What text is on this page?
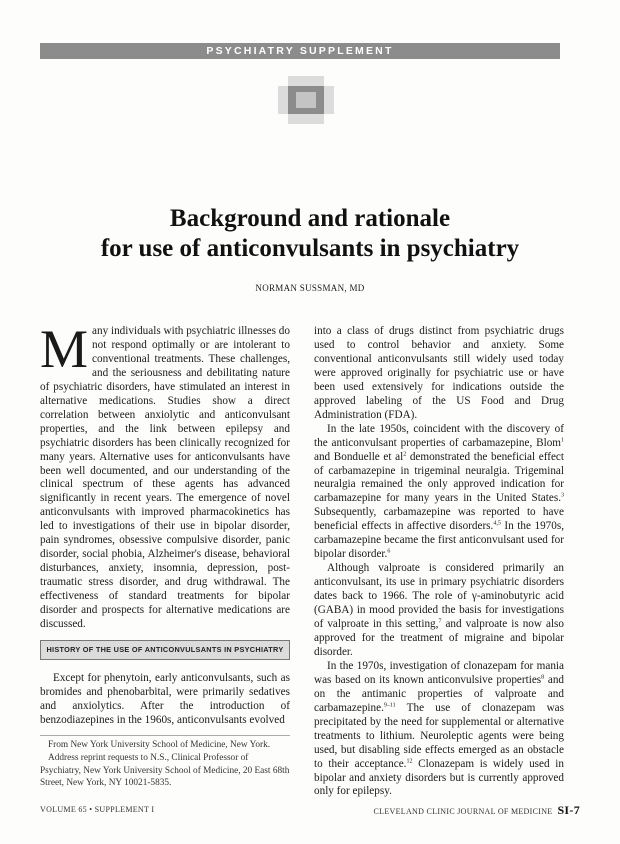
PSYCHIATRY SUPPLEMENT
Background and rationale
for use of anticonvulsants in psychiatry
NORMAN SUSSMAN, MD

Many individuals with psychiatric illnesses do not respond optimally or are intolerant to conventional treatments. These challenges, and the seriousness and debilitating nature of psychiatric disorders, have stimulated an interest in alternative medications. Studies show a direct correlation between anxiolytic and anticonvulsant properties, and the link between epilepsy and psychiatric disorders has been clinically recognized for many years. Alternative uses for anticonvulsants have been well documented, and our understanding of the clinical spectrum of these agents has advanced significantly in recent years. The emergence of novel anticonvulsants with improved pharmacokinetics has led to investigations of their use in bipolar disorder, pain syndromes, obsessive compulsive disorder, panic disorder, social phobia, Alzheimer's disease, behavioral disturbances, anxiety, insomnia, depression, post-traumatic stress disorder, and drug withdrawal. The effectiveness of standard treatments for bipolar disorder and prospects for alternative medications are discussed.

HISTORY OF THE USE OF ANTICONVULSANTS IN PSYCHIATRY

Except for phenytoin, early anticonvulsants, such as bromides and phenobarbital, were primarily sedatives and anxiolytics. After the introduction of benzodiazepines in the 1960s, anticonvulsants evolved

into a class of drugs distinct from psychiatric drugs used to control behavior and anxiety. Some conventional anticonvulsants still widely used today were approved originally for psychiatric use or have been used extensively for indications outside the approved labeling of the US Food and Drug Administration (FDA).

In the late 1950s, coincident with the discovery of the anticonvulsant properties of carbamazepine, Blom$^1$ and Bonduelle et $al^2$ demonstrated the beneficial effect of carbamazepine in trigeminal neuralgia. Trigeminal neuralgia remained the only approved indication for carbamazepine for many years in the United States.$^3$ Subsequently, carbamazepine was reported to have beneficial effects in affective disorders.$^{4,5}$ In the 1970s, carbamazepine became the first anticonvulsant used for bipolar disorder.$^6$

Although valproate is considered primarily an anticonvulsant, its use in primary psychiatric disorders dates back to 1966. The role of γ-aminobutyric acid (GABA) in mood provided the basis for investigations of valproate in this setting,$^7$ and valproate is now also approved for the treatment of migraine and bipolar disorder.

In the 1970s, investigation of clonazepam for mania was based on its known anticonvulsive properties$^8$ and on the antimanic properties of valproate and carbamazepine.$^{9-11}$ The use of clonazepam was precipitated by the need for supplemental or alternative treatments to lithium. Neuroleptic agents were being used, but disabling side effects emerged as an obstacle to their acceptance.$^{12}$ Clonazepam is widely used in bipolar and anxiety disorders but is currently approved only for epilepsy.

From New York University School of Medicine, New York.

Address reprint requests to N.S., Clinical Professor of Psychiatry, New York University School of Medicine, 20 East 68th Street, New York, NY 10021-5835.

VOLUME 65 • SUPPLEMENT I	CLEVELAND CLINIC JOURNAL OF MEDICINE SI-7
